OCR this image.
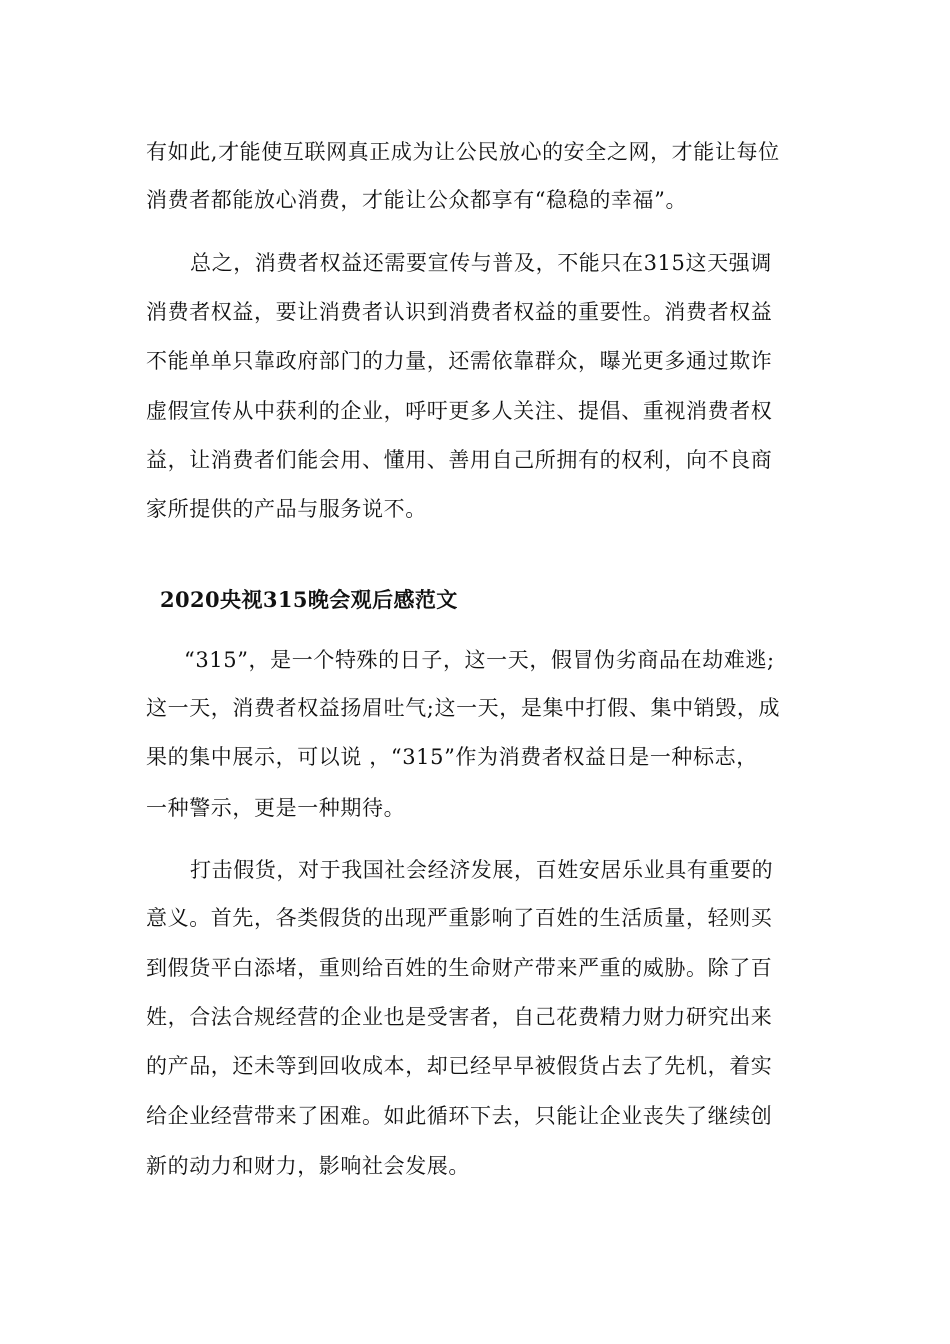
有如此,才能使互联网真正成为让公民放心的安全之网，才能让每位
消费者都能放心消费，才能让公众都享有“稳稳的幸福”。
总之，消费者权益还需要宣传与普及，不能只在315这天强调
消费者权益，要让消费者认识到消费者权益的重要性。消费者权益
不能单单只靠政府部门的力量，还需依靠群众，曝光更多通过欺诈
虚假宣传从中获利的企业，呼吁更多人关注、提倡、重视消费者权
益，让消费者们能会用、懂用、善用自己所拥有的权利，向不良商
家所提供的产品与服务说不。
2020央视315晚会观后感范文
“315”，是一个特殊的日子，这一天，假冒伪劣商品在劫难逃;
这一天，消费者权益扬眉吐气;这一天，是集中打假、集中销毁，成
果的集中展示，可以说 ，“315”作为消费者权益日是一种标志，
一种警示，更是一种期待。
打击假货，对于我国社会经济发展，百姓安居乐业具有重要的
意义。首先，各类假货的出现严重影响了百姓的生活质量，轻则买
到假货平白添堵，重则给百姓的生命财产带来严重的威胁。除了百
姓，合法合规经营的企业也是受害者，自己花费精力财力研究出来
的产品，还未等到回收成本，却已经早早被假货占去了先机，着实
给企业经营带来了困难。如此循环下去，只能让企业丧失了继续创
新的动力和财力，影响社会发展。
